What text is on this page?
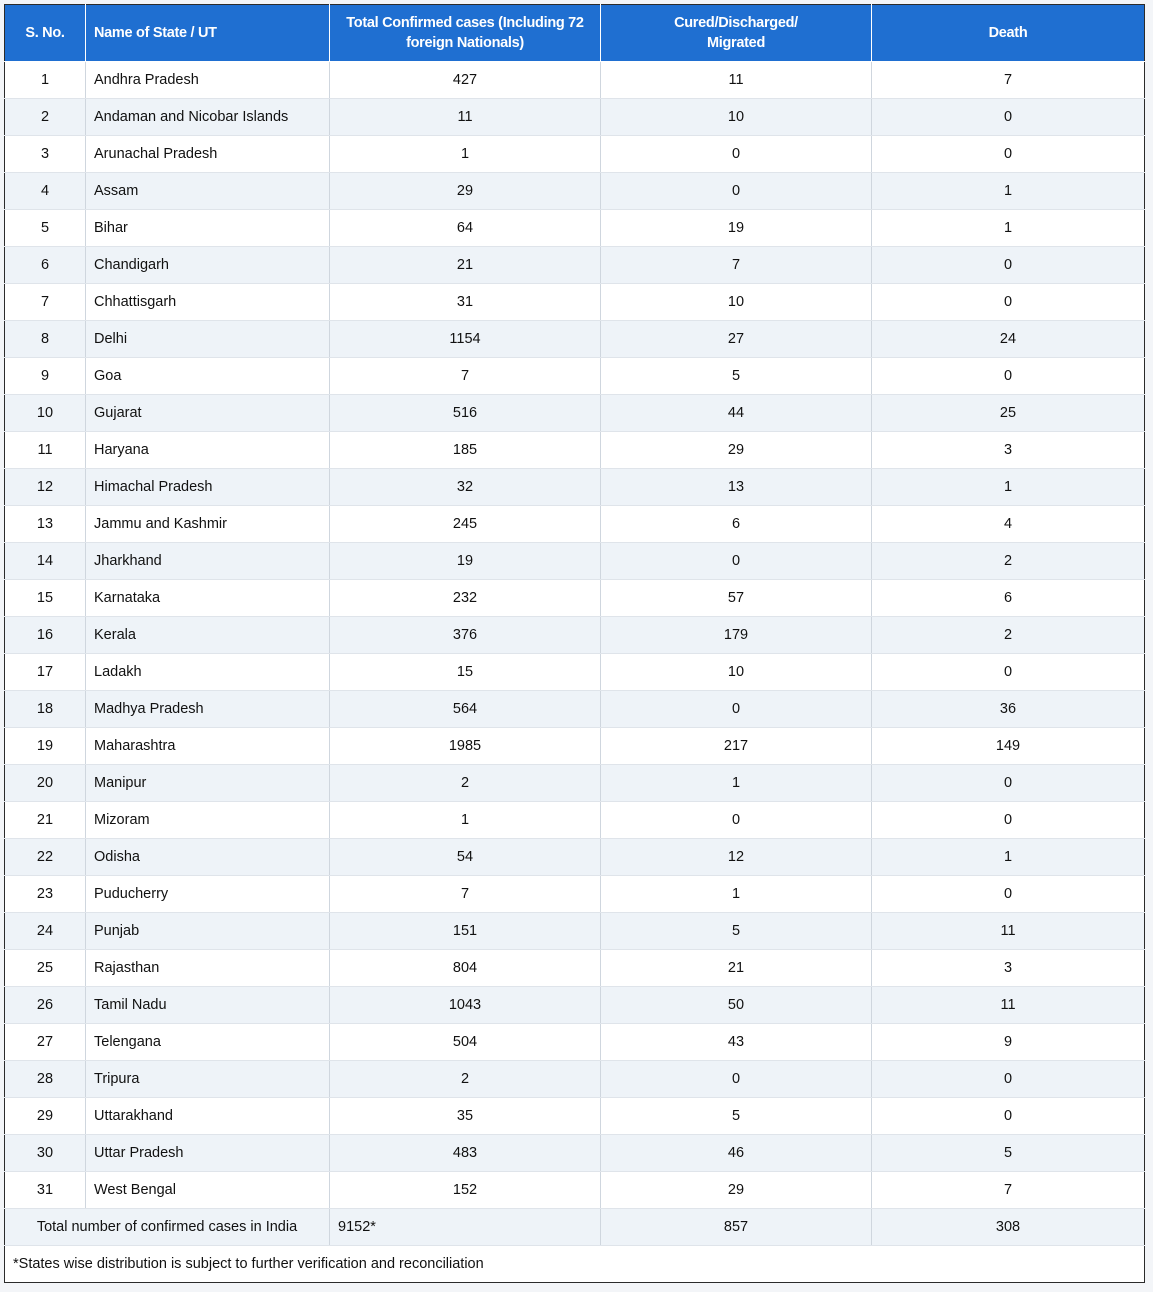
S. No.	Name of State / UT	Total Confirmed cases (Including 72
foreign Nationals)	Cured/Discharged/
Migrated	Death
1	Andhra Pradesh	427	11	7
2	Andaman and Nicobar Islands	11	10	0
3	Arunachal Pradesh	1	0	0
4	Assam	29	0	1
5	Bihar	64	19	1
6	Chandigarh	21	7	0
7	Chhattisgarh	31	10	0
8	Delhi	1154	27	24
9	Goa	7	5	0
10	Gujarat	516	44	25
11	Haryana	185	29	3
12	Himachal Pradesh	32	13	1
13	Jammu and Kashmir	245	6	4
14	Jharkhand	19	0	2
15	Karnataka	232	57	6
16	Kerala	376	179	2
17	Ladakh	15	10	0
18	Madhya Pradesh	564	0	36
19	Maharashtra	1985	217	149
20	Manipur	2	1	0
21	Mizoram	1	0	0
22	Odisha	54	12	1
23	Puducherry	7	1	0
24	Punjab	151	5	11
25	Rajasthan	804	21	3
26	Tamil Nadu	1043	50	11
27	Telengana	504	43	9
28	Tripura	2	0	0
29	Uttarakhand	35	5	0
30	Uttar Pradesh	483	46	5
31	West Bengal	152	29	7
Total number of confirmed cases in India		9152*	857	308
*States wise distribution is subject to further verification and reconciliation				
